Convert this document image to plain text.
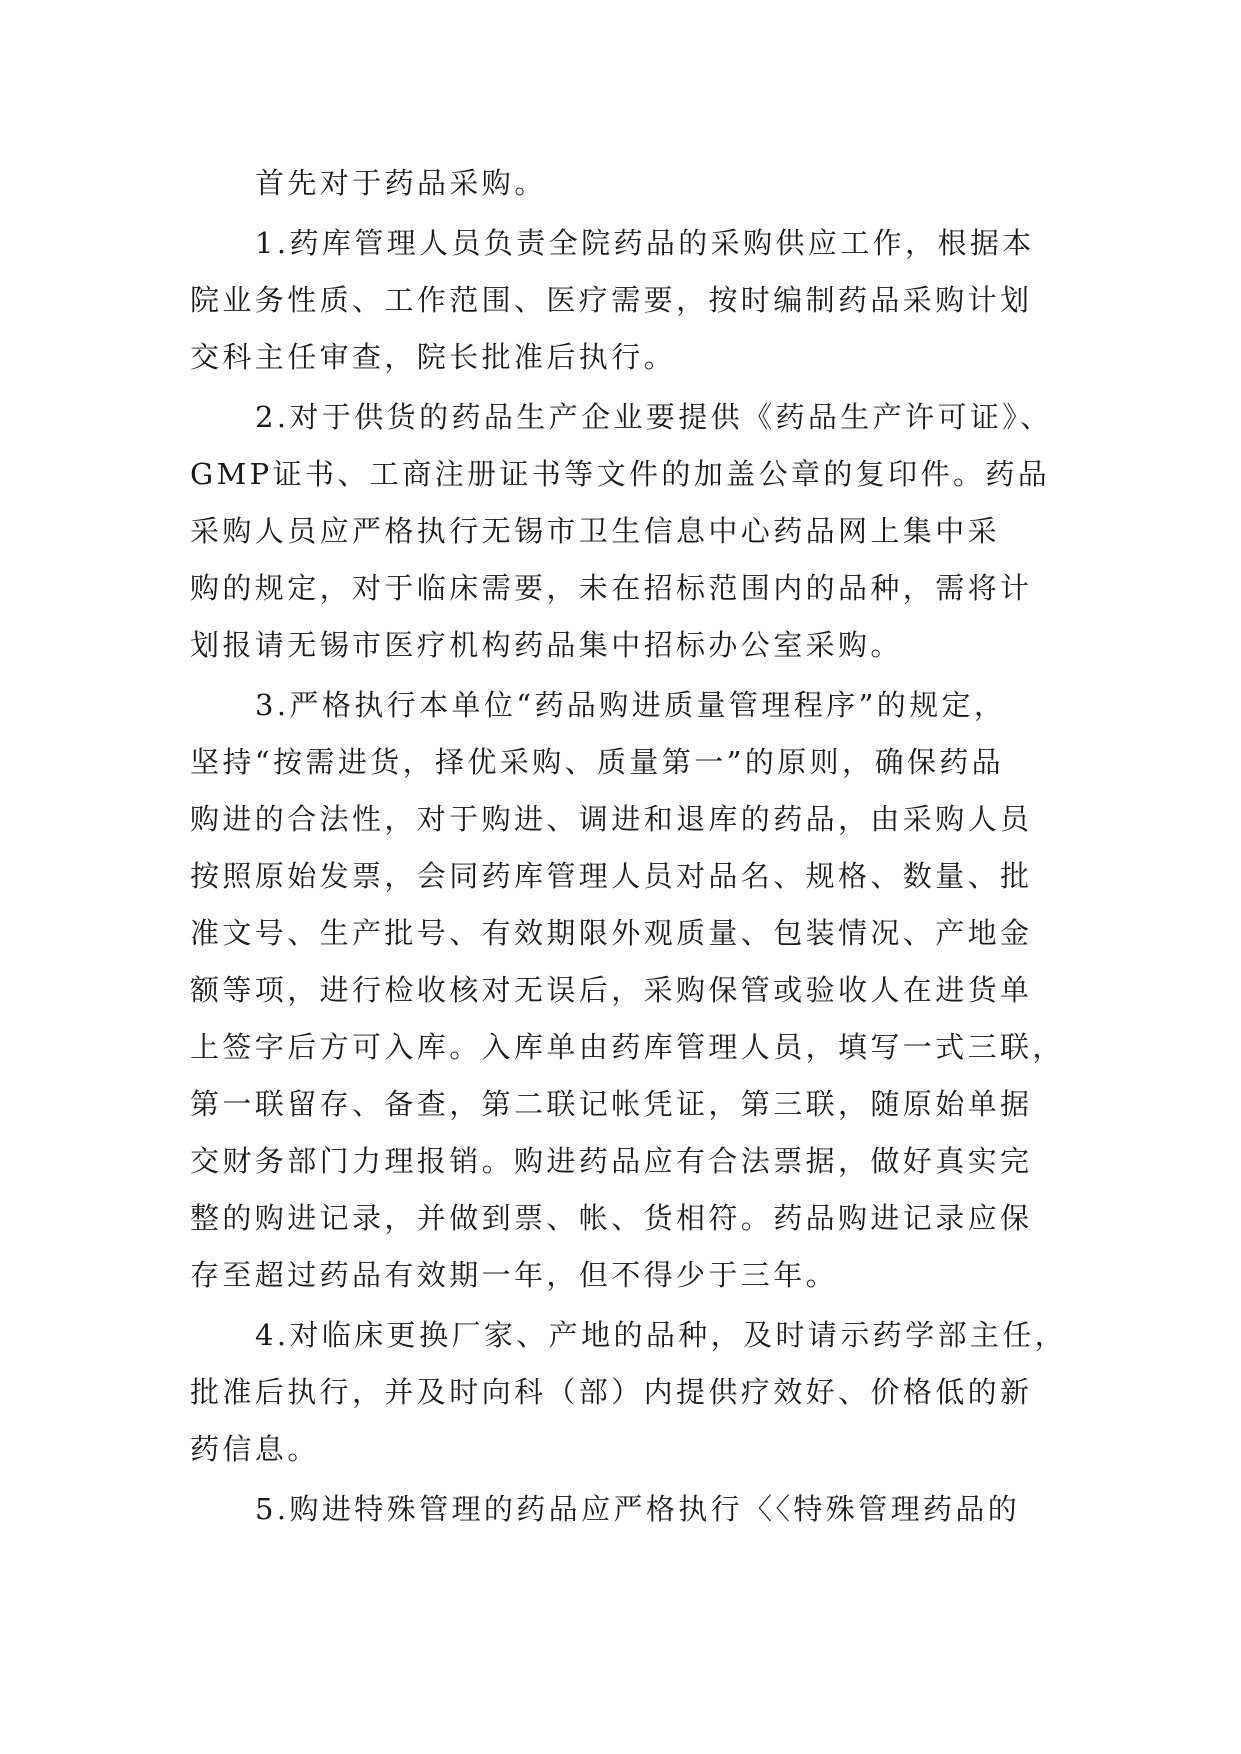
首先对于药品采购。
1.药库管理人员负责全院药品的采购供应工作，根据本
院业务性质、工作范围、医疗需要，按时编制药品采购计划
交科主任审查，院长批准后执行。
2.对于供货的药品生产企业要提供《药品生产许可证》、
GMP证书、工商注册证书等文件的加盖公章的复印件。药品
采购人员应严格执行无锡市卫生信息中心药品网上集中采
购的规定，对于临床需要，未在招标范围内的品种，需将计
划报请无锡市医疗机构药品集中招标办公室采购。
3.严格执行本单位“药品购进质量管理程序”的规定，
坚持“按需进货，择优采购、质量第一”的原则，确保药品
购进的合法性，对于购进、调进和退库的药品，由采购人员
按照原始发票，会同药库管理人员对品名、规格、数量、批
准文号、生产批号、有效期限外观质量、包装情况、产地金
额等项，进行检收核对无误后，采购保管或验收人在进货单
上签字后方可入库。入库单由药库管理人员，填写一式三联，
第一联留存、备查，第二联记帐凭证，第三联，随原始单据
交财务部门力理报销。购进药品应有合法票据，做好真实完
整的购进记录，并做到票、帐、货相符。药品购进记录应保
存至超过药品有效期一年，但不得少于三年。
4.对临床更换厂家、产地的品种，及时请示药学部主任，
批准后执行，并及时向科（部）内提供疗效好、价格低的新
药信息。
5.购进特殊管理的药品应严格执行〈〈特殊管理药品的
